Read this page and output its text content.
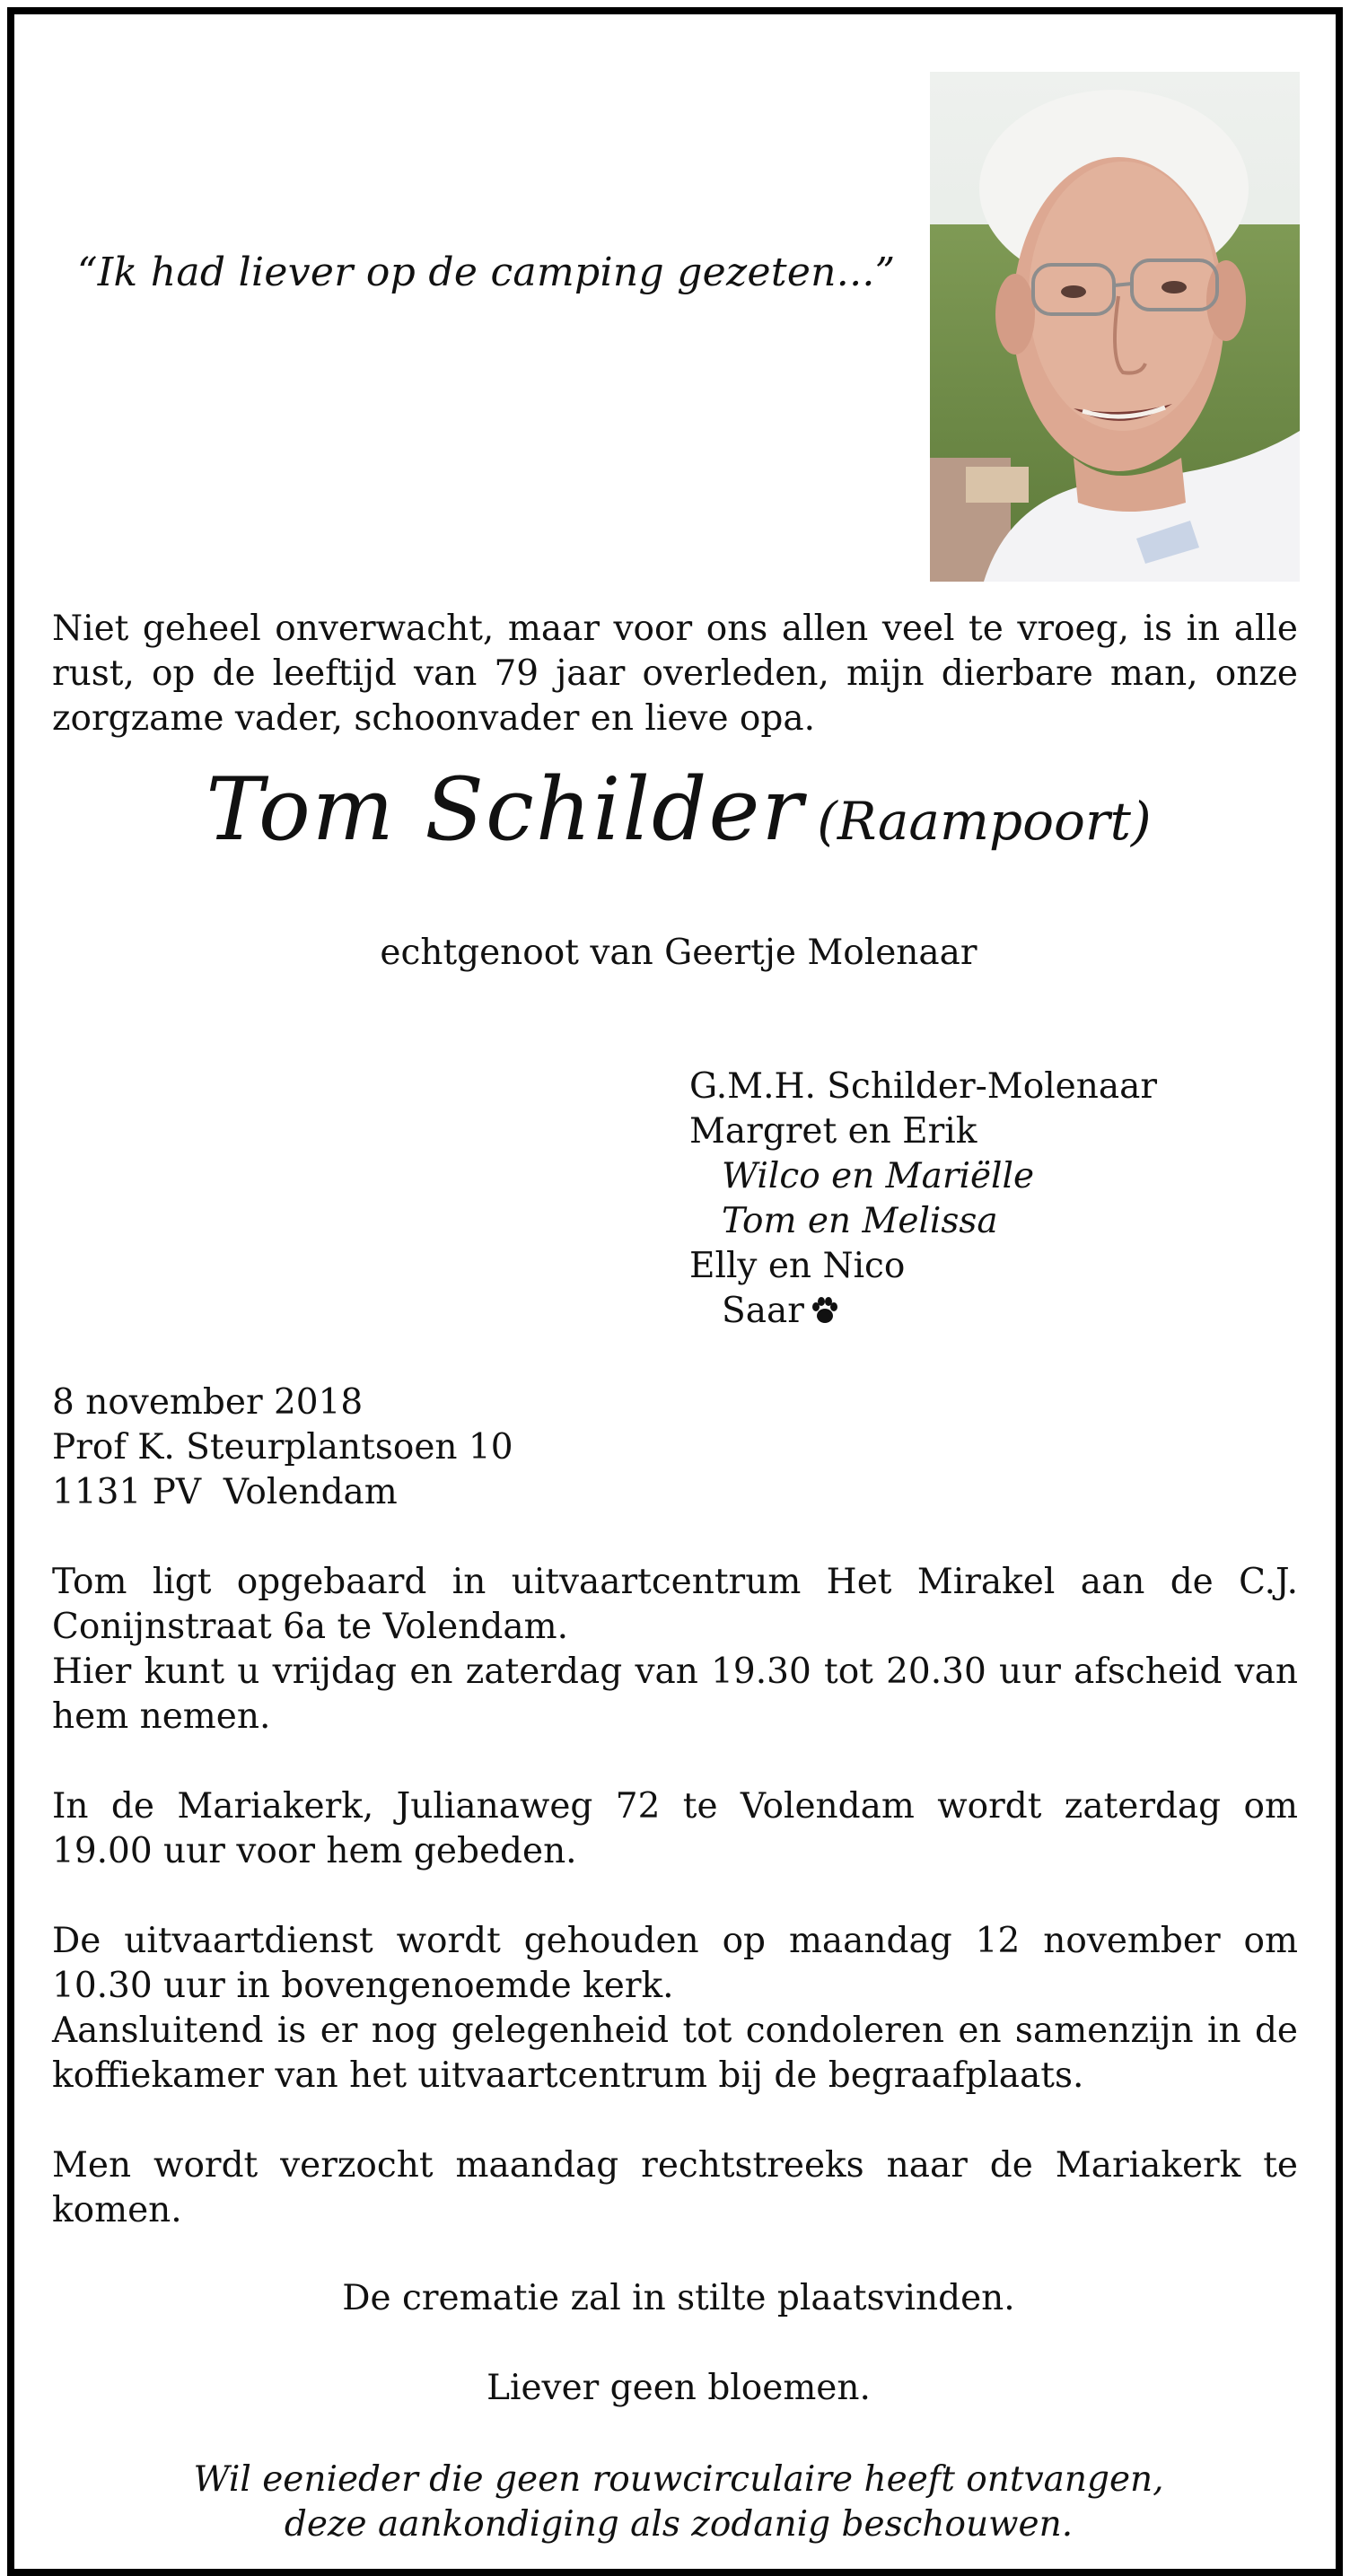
“Ik had liever op de camping gezeten...”
Niet geheel onverwacht, maar voor ons allen veel te vroeg, is in alle rust, op de leeftijd van 79 jaar overleden, mijn dierbare man, onze zorgzame vader, schoonvader en lieve opa.
Tom Schilder (Raampoort)
echtgenoot van Geertje Molenaar
G.M.H. Schilder-Molenaar
Margret en Erik
Wilco en Mariëlle
Tom en Melissa
Elly en Nico
Saar
8 november 2018
Prof K. Steurplantsoen 10
1131 PV  Volendam
Tom ligt opgebaard in uitvaartcentrum Het Mirakel aan de C.J. Conijnstraat 6a te Volendam.
Hier kunt u vrijdag en zaterdag van 19.30 tot 20.30 uur afscheid van hem nemen.
In de Mariakerk, Julianaweg 72 te Volendam wordt zaterdag om 19.00 uur voor hem gebeden.
De uitvaartdienst wordt gehouden op maandag 12 november om 10.30 uur in bovengenoemde kerk.
Aansluitend is er nog gelegenheid tot condoleren en samenzijn in de koffiekamer van het uitvaartcentrum bij de begraafplaats.
Men wordt verzocht maandag rechtstreeks naar de Mariakerk te komen.
De crematie zal in stilte plaatsvinden.
Liever geen bloemen.
Wil eenieder die geen rouwcirculaire heeft ontvangen,
deze aankondiging als zodanig beschouwen.
